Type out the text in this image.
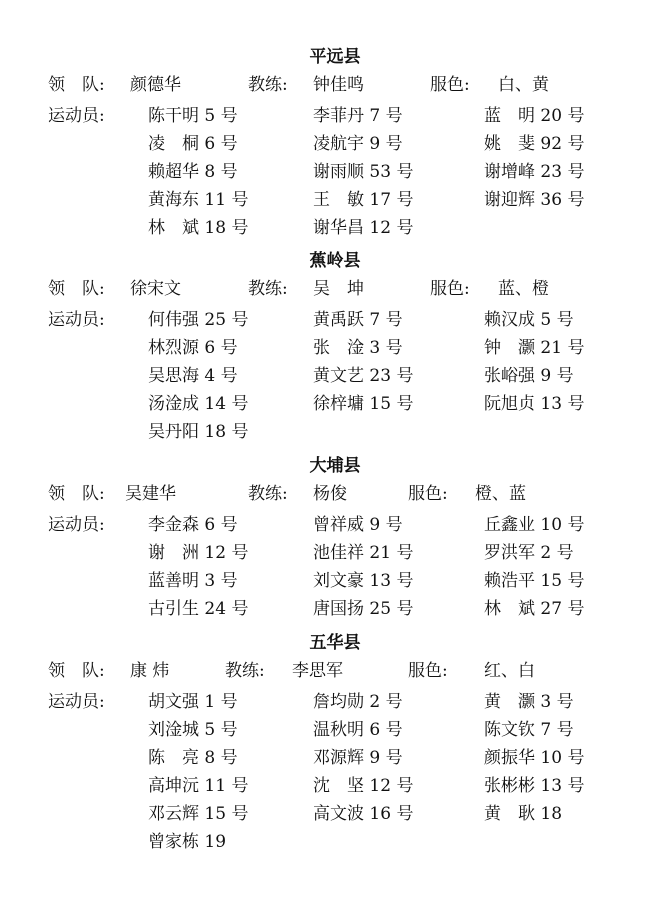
平远县
领　队: 颜德华	教练: 钟佳鸣	服色: 白、黄
运动员:	陈干明 5 号	李菲丹 7 号	蓝　明 20 号
凌　桐 6 号	凌航宇 9 号	姚　斐 92 号
赖超华 8 号	谢雨顺 53 号	谢增峰 23 号
黄海东 11 号	王　敏 17 号	谢迎辉 36 号
林　斌 18 号	谢华昌 12 号
蕉岭县
领　队: 徐宋文	教练: 吴　坤	服色: 蓝、橙
运动员:	何伟强 25 号	黄禹跃 7 号	赖汉成 5 号
林烈源 6 号	张　淦 3 号	钟　灏 21 号
吴思海 4 号	黄文艺 23 号	张峪强 9 号
汤淦成 14 号	徐梓墉 15 号	阮旭贞 13 号
吴丹阳 18 号
大埔县
领　队: 吴建华	教练: 杨俊	服色: 橙、蓝
运动员:	李金森 6 号	曾祥威 9 号	丘鑫业 10 号
谢　洲 12 号	池佳祥 21 号	罗洪军 2 号
蓝善明 3 号	刘文豪 13 号	赖浩平 15 号
古引生 24 号	唐国扬 25 号	林　斌 27 号
五华县
领　队: 康 炜	教练: 李思军	服色: 红、白
运动员:	胡文强 1 号	詹均勋 2 号	黄　灏 3 号
刘淦城 5 号	温秋明 6 号	陈文钦 7 号
陈　亮 8 号	邓源辉 9 号	颜振华 10 号
高坤沅 11 号	沈　坚 12 号	张彬彬 13 号
邓云辉 15 号	高文波 16 号	黄　耿 18
曾家栋 19
